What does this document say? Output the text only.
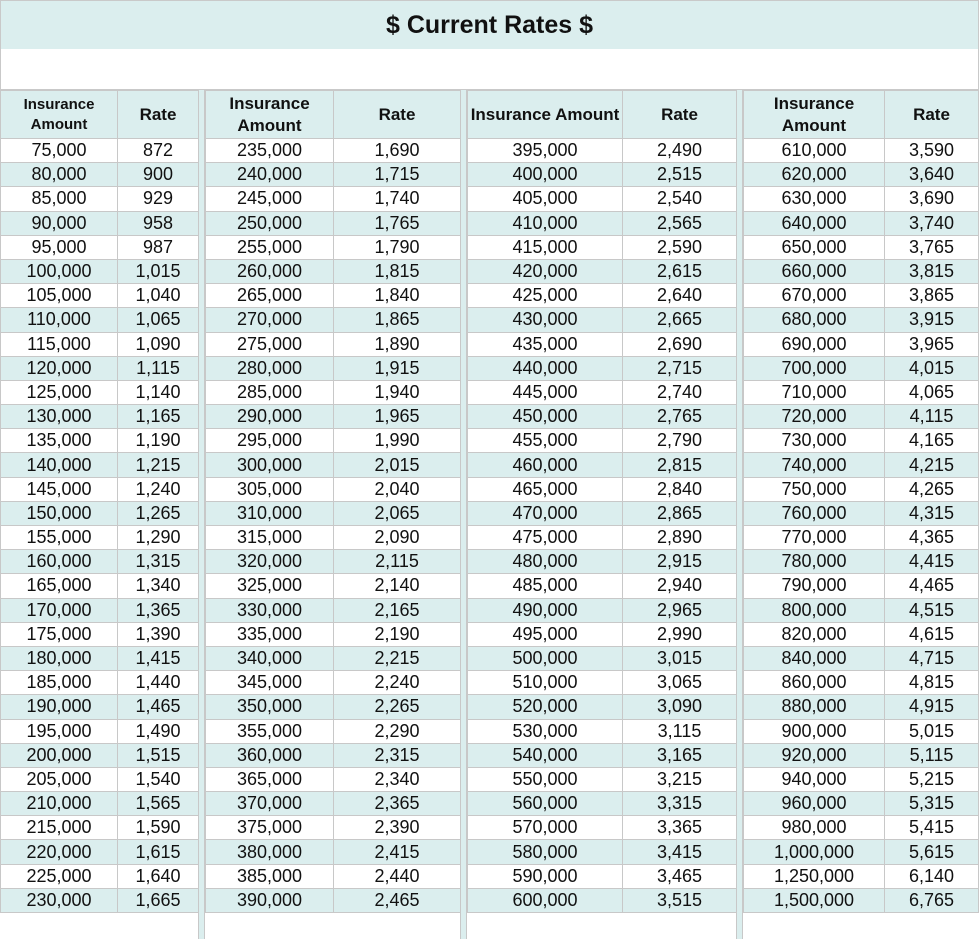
$ Current Rates $
Insurance Amount	Rate
75,000	872
80,000	900
85,000	929
90,000	958
95,000	987
100,000	1,015
105,000	1,040
110,000	1,065
115,000	1,090
120,000	1,115
125,000	1,140
130,000	1,165
135,000	1,190
140,000	1,215
145,000	1,240
150,000	1,265
155,000	1,290
160,000	1,315
165,000	1,340
170,000	1,365
175,000	1,390
180,000	1,415
185,000	1,440
190,000	1,465
195,000	1,490
200,000	1,515
205,000	1,540
210,000	1,565
215,000	1,590
220,000	1,615
225,000	1,640
230,000	1,665
Insurance Amount	Rate
235,000	1,690
240,000	1,715
245,000	1,740
250,000	1,765
255,000	1,790
260,000	1,815
265,000	1,840
270,000	1,865
275,000	1,890
280,000	1,915
285,000	1,940
290,000	1,965
295,000	1,990
300,000	2,015
305,000	2,040
310,000	2,065
315,000	2,090
320,000	2,115
325,000	2,140
330,000	2,165
335,000	2,190
340,000	2,215
345,000	2,240
350,000	2,265
355,000	2,290
360,000	2,315
365,000	2,340
370,000	2,365
375,000	2,390
380,000	2,415
385,000	2,440
390,000	2,465
Insurance Amount	Rate
395,000	2,490
400,000	2,515
405,000	2,540
410,000	2,565
415,000	2,590
420,000	2,615
425,000	2,640
430,000	2,665
435,000	2,690
440,000	2,715
445,000	2,740
450,000	2,765
455,000	2,790
460,000	2,815
465,000	2,840
470,000	2,865
475,000	2,890
480,000	2,915
485,000	2,940
490,000	2,965
495,000	2,990
500,000	3,015
510,000	3,065
520,000	3,090
530,000	3,115
540,000	3,165
550,000	3,215
560,000	3,315
570,000	3,365
580,000	3,415
590,000	3,465
600,000	3,515
Insurance Amount	Rate
610,000	3,590
620,000	3,640
630,000	3,690
640,000	3,740
650,000	3,765
660,000	3,815
670,000	3,865
680,000	3,915
690,000	3,965
700,000	4,015
710,000	4,065
720,000	4,115
730,000	4,165
740,000	4,215
750,000	4,265
760,000	4,315
770,000	4,365
780,000	4,415
790,000	4,465
800,000	4,515
820,000	4,615
840,000	4,715
860,000	4,815
880,000	4,915
900,000	5,015
920,000	5,115
940,000	5,215
960,000	5,315
980,000	5,415
1,000,000	5,615
1,250,000	6,140
1,500,000	6,765
